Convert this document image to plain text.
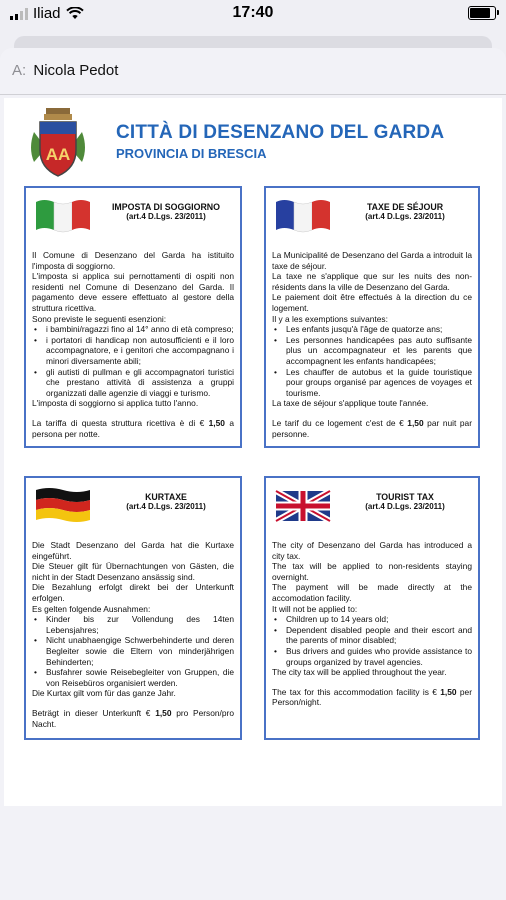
Iliad	17:40
A: Nicola Pedot
AA
CITTÀ DI DESENZANO DEL GARDA
PROVINCIA DI BRESCIA
IMPOSTA DI SOGGIORNO
(art.4 D.Lgs. 23/2011)

Il Comune di Desenzano del Garda ha istituito l'imposta di soggiorno.

L'imposta si applica sui pernottamenti di ospiti non residenti nel Comune di Desenzano del Garda. Il pagamento deve essere effettuato al gestore della struttura ricettiva.

Sono previste le seguenti esenzioni:

• i bambini/ragazzi fino al 14° anno di età compreso;
• i portatori di handicap non autosufficienti e il loro accompagnatore, e i genitori che accompagnano i minori diversamente abili;
• gli autisti di pullman e gli accompagnatori turistici che prestano attività di assistenza a gruppi organizzati dalle agenzie di viaggi e turismo.

L'imposta di soggiorno si applica tutto l'anno.

La tariffa di questa struttura ricettiva è di € 1,50 a persona per notte.

TAXE DE SÉJOUR
(art.4 D.Lgs. 23/2011)

La Municipalité de Desenzano del Garda a introduit la taxe de séjour.

La taxe ne s'applique que sur les nuits des non-résidents dans la ville de Desenzano del Garda.

Le paiement doit être effectués à la direction du ce logement.

Il y a les exemptions suivantes:

• Les enfants jusqu'à l'âge de quatorze ans;
• Les personnes handicapées pas auto suffisante plus un accompagnateur et les parents que accompagnent les enfants handicapées;
• Les chauffer de autobus et la guide touristique pour groups organisé par agences de voyages et tourisme.

La taxe de séjour s'applique toute l'année.

Le tarif du ce logement c'est de € 1,50 par nuit par personne.

KURTAXE
(art.4 D.Lgs. 23/2011)

Die Stadt Desenzano del Garda hat die Kurtaxe eingeführt.

Die Steuer gilt für Übernachtungen von Gästen, die nicht in der Stadt Desenzano ansässig sind.

Die Bezahlung erfolgt direkt bei der Unterkunft erfolgen.

Es gelten folgende Ausnahmen:

• Kinder bis zur Vollendung des 14ten Lebensjahres;
• Nicht unabhaengige Schwerbehinderte und deren Begleiter sowie die Eltern von minderjährigen Behinderten;
• Busfahrer sowie Reisebegleiter von Gruppen, die von Reisebüros organisiert werden.

Die Kurtax gilt vom für das ganze Jahr.

Beträgt in dieser Unterkunft € 1,50 pro Person/pro Nacht.

TOURIST TAX
(art.4 D.Lgs. 23/2011)

The city of Desenzano del Garda has introduced a city tax.

The tax will be applied to non-residents staying overnight.

The payment will be made directly at the accomodation facility.

It will not be applied to:

• Children up to 14 years old;
• Dependent disabled people and their escort and the parents of minor disabled;
• Bus drivers and guides who provide assistance to groups organized by travel agencies.

The city tax will be applied throughout the year.

The tax for this accommodation facility is € 1,50 per Person/night.
